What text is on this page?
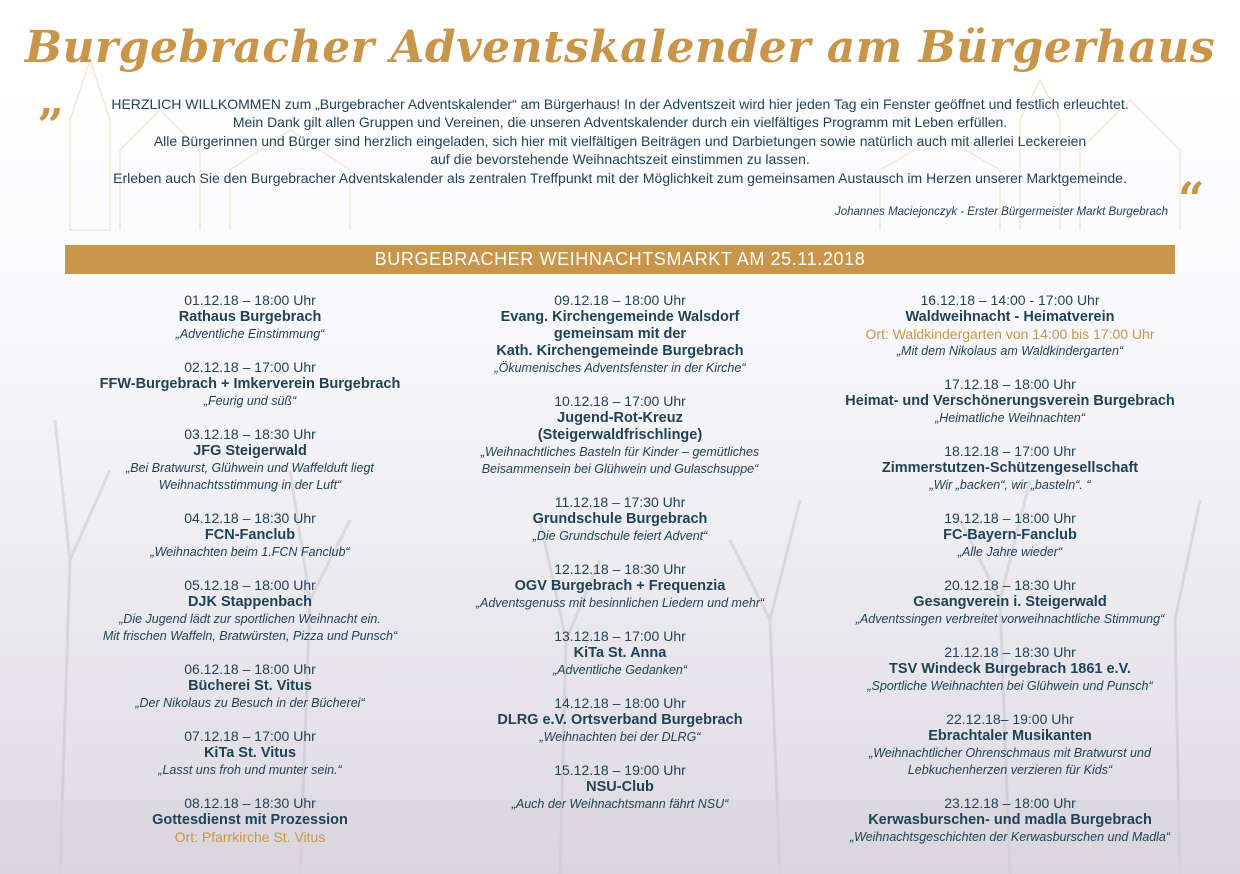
Burgebracher Adventskalender am Bürgerhaus
„	HERZLICH WILLKOMMEN zum „Burgebracher Adventskalender“ am Bürgerhaus! In der Adventszeit wird hier jeden Tag ein Fenster geöffnet und festlich erleuchtet.

Mein Dank gilt allen Gruppen und Vereinen, die unseren Adventskalender durch ein vielfältiges Programm mit Leben erfüllen.

Alle Bürgerinnen und Bürger sind herzlich eingeladen, sich hier mit vielfältigen Beiträgen und Darbietungen sowie natürlich auch mit allerlei Leckereien

auf die bevorstehende Weihnachtszeit einstimmen zu lassen.

Erleben auch Sie den Burgebracher Adventskalender als zentralen Treffpunkt mit der Möglichkeit zum gemeinsamen Austausch im Herzen unserer Marktgemeinde.	“
Johannes Maciejonczyk - Erster Bürgermeister Markt Burgebrach
BURGEBRACHER WEIHNACHTSMARKT AM 25.11.2018
01.12.18 – 18:00 Uhr
Rathaus Burgebrach
„Adventliche Einstimmung“
02.12.18 – 17:00 Uhr
FFW-Burgebrach + Imkerverein Burgebrach
„Feurig und süß“
03.12.18 – 18:30 Uhr
JFG Steigerwald
„Bei Bratwurst, Glühwein und Waffelduft liegt
Weihnachtsstimmung in der Luft“
04.12.18 – 18:30 Uhr
FCN-Fanclub
„Weihnachten beim 1.FCN Fanclub“
05.12.18 – 18:00 Uhr
DJK Stappenbach
„Die Jugend lädt zur sportlichen Weihnacht ein.
Mit frischen Waffeln, Bratwürsten, Pizza und Punsch“
06.12.18 – 18:00 Uhr
Bücherei St. Vitus
„Der Nikolaus zu Besuch in der Bücherei“
07.12.18 – 17:00 Uhr
KiTa St. Vitus
„Lasst uns froh und munter sein.“
08.12.18 – 18:30 Uhr
Gottesdienst mit Prozession
Ort: Pfarrkirche St. Vitus
09.12.18 – 18:00 Uhr
Evang. Kirchengemeinde Walsdorf
gemeinsam mit der
Kath. Kirchengemeinde Burgebrach
„Ökumenisches Adventsfenster in der Kirche“
10.12.18 – 17:00 Uhr
Jugend-Rot-Kreuz
(Steigerwaldfrischlinge)
„Weihnachtliches Basteln für Kinder – gemütliches
Beisammensein bei Glühwein und Gulaschsuppe“
11.12.18 – 17:30 Uhr
Grundschule Burgebrach
„Die Grundschule feiert Advent“
12.12.18 – 18:30 Uhr
OGV Burgebrach + Frequenzia
„Adventsgenuss mit besinnlichen Liedern und mehr“
13.12.18 – 17:00 Uhr
KiTa St. Anna
„Adventliche Gedanken“
14.12.18 – 18:00 Uhr
DLRG e.V. Ortsverband Burgebrach
„Weihnachten bei der DLRG“
15.12.18 – 19:00 Uhr
NSU-Club
„Auch der Weihnachtsmann fährt NSU“
16.12.18 – 14:00 - 17:00 Uhr
Waldweihnacht - Heimatverein
Ort: Waldkindergarten von 14:00 bis 17:00 Uhr
„Mit dem Nikolaus am Waldkindergarten“
17.12.18 – 18:00 Uhr
Heimat- und Verschönerungsverein Burgebrach
„Heimatliche Weihnachten“
18.12.18 – 17:00 Uhr
Zimmerstutzen-Schützengesellschaft
„Wir „backen“, wir „basteln“. “
19.12.18 – 18:00 Uhr
FC-Bayern-Fanclub
„Alle Jahre wieder“
20.12.18 – 18:30 Uhr
Gesangverein i. Steigerwald
„Adventssingen verbreitet vorweihnachtliche Stimmung“
21.12.18 – 18:30 Uhr
TSV Windeck Burgebrach 1861 e.V.
„Sportliche Weihnachten bei Glühwein und Punsch“
22.12.18– 19:00 Uhr
Ebrachtaler Musikanten
„Weihnachtlicher Ohrenschmaus mit Bratwurst und
Lebkuchenherzen verzieren für Kids“
23.12.18 – 18:00 Uhr
Kerwasburschen- und madla Burgebrach
„Weihnachtsgeschichten der Kerwasburschen und Madla“
